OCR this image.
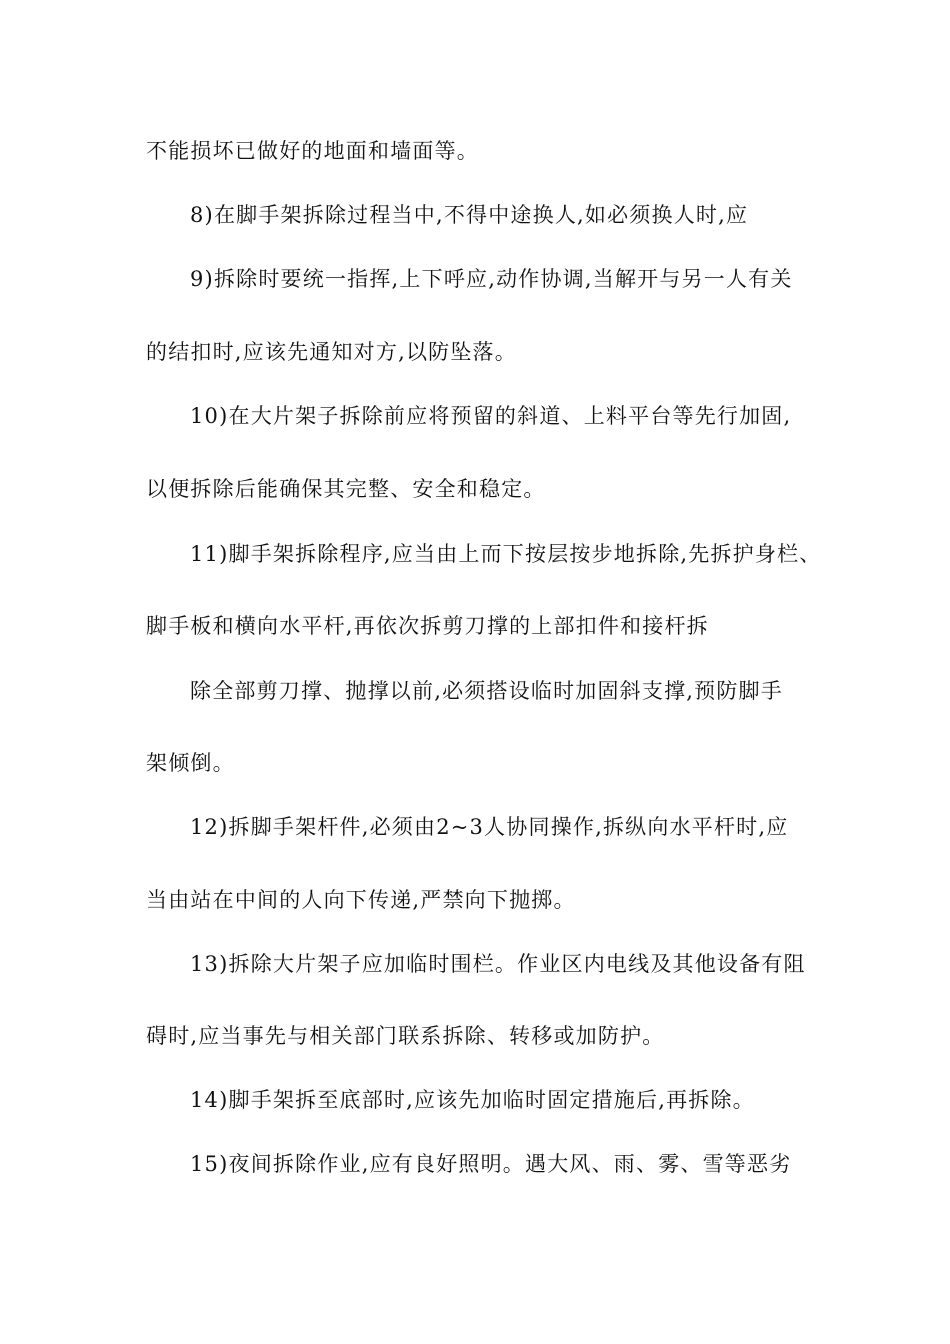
不能损坏已做好的地面和墙面等。
8)在脚手架拆除过程当中,不得中途换人,如必须换人时,应
9)拆除时要统一指挥,上下呼应,动作协调,当解开与另一人有关
的结扣时,应该先通知对方,以防坠落。
10)在大片架子拆除前应将预留的斜道、上料平台等先行加固,
以便拆除后能确保其完整、安全和稳定。
11)脚手架拆除程序,应当由上而下按层按步地拆除,先拆护身栏、
脚手板和横向水平杆,再依次拆剪刀撑的上部扣件和接杆拆
除全部剪刀撑、抛撑以前,必须搭设临时加固斜支撑,预防脚手
架倾倒。
12)拆脚手架杆件,必须由2~3人协同操作,拆纵向水平杆时,应
当由站在中间的人向下传递,严禁向下抛掷。
13)拆除大片架子应加临时围栏。作业区内电线及其他设备有阻
碍时,应当事先与相关部门联系拆除、转移或加防护。
14)脚手架拆至底部时,应该先加临时固定措施后,再拆除。
15)夜间拆除作业,应有良好照明。遇大风、雨、雾、雪等恶劣
